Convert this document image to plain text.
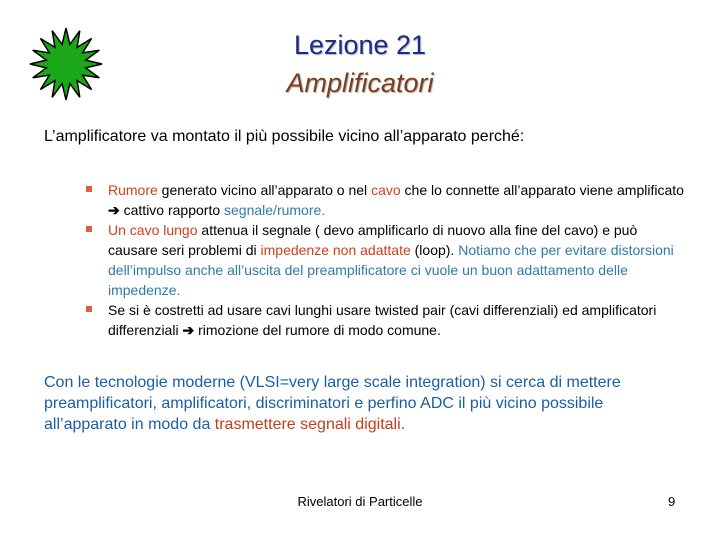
Lezione 21
Amplificatori
L’amplificatore va montato il più possibile vicino all’apparato perché:
Rumore generato vicino all’apparato o nel cavo che lo connette all’apparato viene amplificato ➔ cattivo rapporto segnale/rumore.
Un cavo lungo attenua il segnale ( devo amplificarlo di nuovo alla fine del cavo) e può causare seri problemi di impedenze non adattate (loop). Notiamo che per evitare distorsioni dell’impulso anche all’uscita del preamplificatore ci vuole un buon adattamento delle impedenze.
Se si è costretti ad usare cavi lunghi usare twisted pair (cavi differenziali) ed amplificatori differenziali ➔ rimozione del rumore di modo comune.
Con le tecnologie moderne (VLSI=very large scale integration) si cerca di mettere preamplificatori, amplificatori, discriminatori e perfino ADC il più vicino possibile all’apparato in modo da trasmettere segnali digitali.
Rivelatori di Particelle	9
